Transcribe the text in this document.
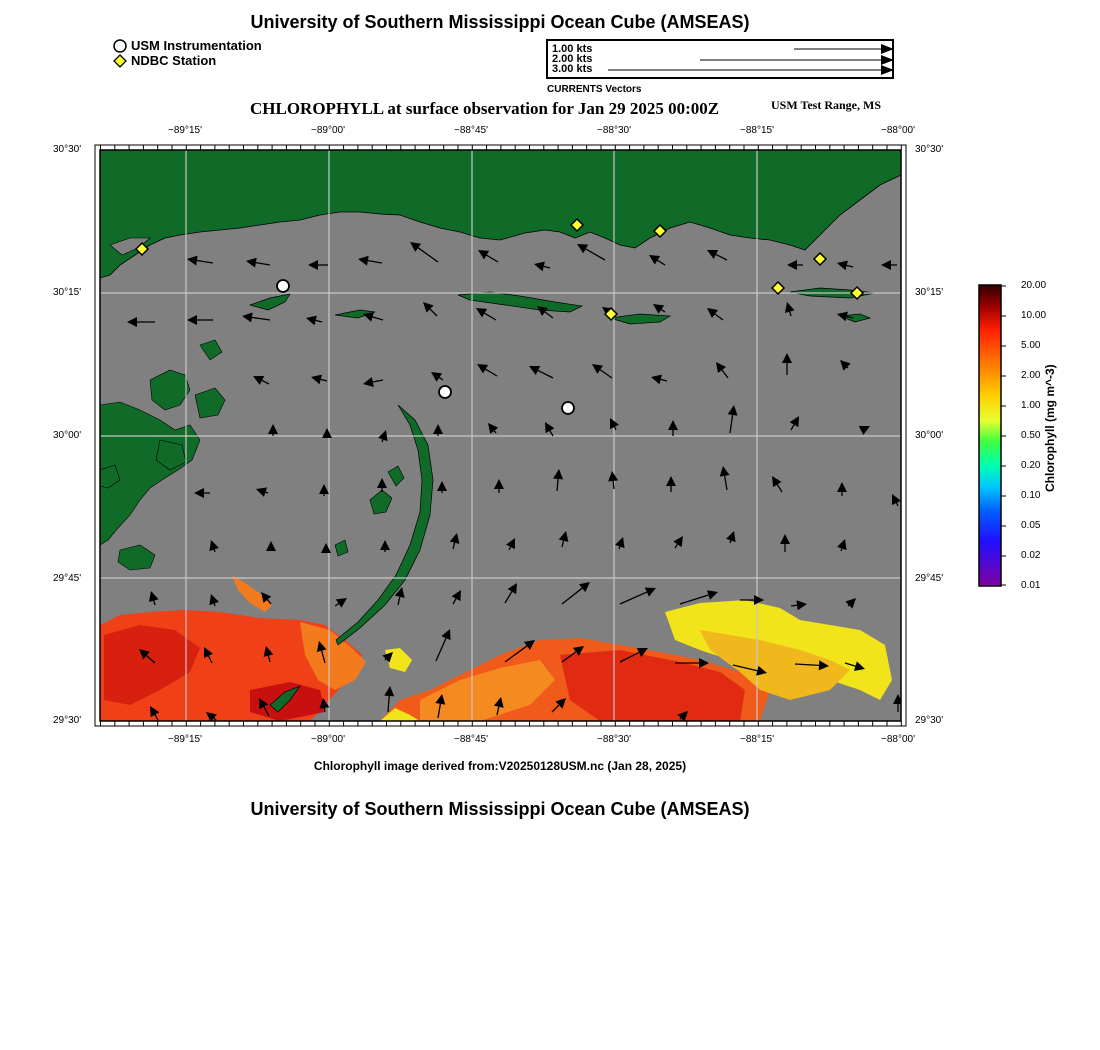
University of Southern Mississippi Ocean Cube (AMSEAS)
USM Instrumentation
NDBC Station
1.00 kts
2.00 kts
3.00 kts
CURRENTS Vectors
CHLOROPHYLL at surface observation for Jan 29 2025 00:00Z	USM Test Range, MS
−89°15'	−89°00'	−88°45'	−88°30'	−88°15'	−88°00'
−89°15'	−89°00'	−88°45'	−88°30'	−88°15'	−88°00'
30°30'
30°15'
30°00'
29°45'
29°30'
30°30'
30°15'
30°00'
29°45'
29°30'
20.00
10.00
5.00
2.00
1.00
0.50
0.20
0.10
0.05
0.02
0.01
Chlorophyll (mg m^-3)
Chlorophyll image derived from:V20250128USM.nc (Jan 28, 2025)
University of Southern Mississippi Ocean Cube (AMSEAS)
